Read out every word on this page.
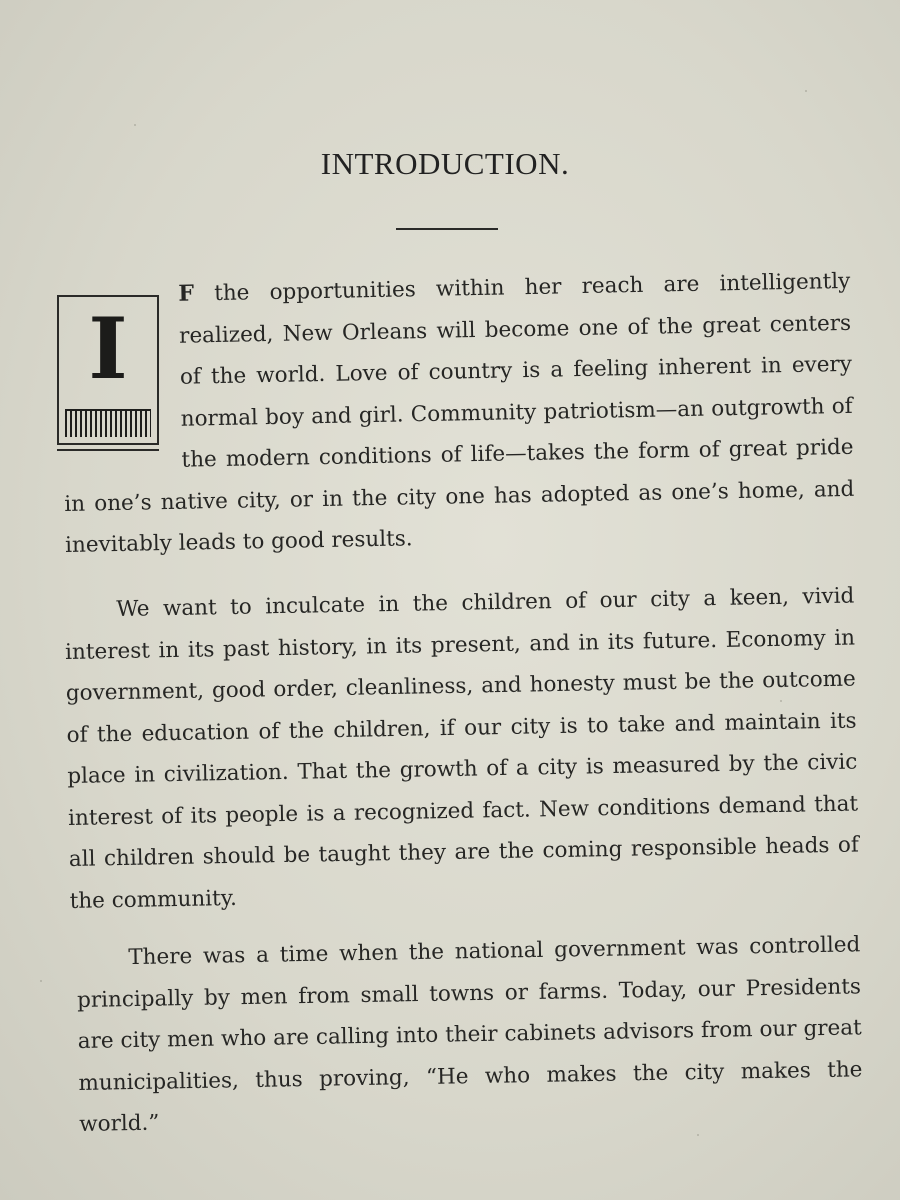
INTRODUCTION.
I

F the opportunities within her reach are intelligently realized, New Orleans will become one of the great centers of the world. Love of country is a feeling inherent in every normal boy and girl. Community patriotism—an outgrowth of the modern conditions of life—takes the form of great pride in one’s native city, or in the city one has adopted as one’s home, and inevitably leads to good results.

We want to inculcate in the children of our city a keen, vivid interest in its past history, in its present, and in its future. Economy in government, good order, cleanliness, and honesty must be the outcome of the education of the children, if our city is to take and maintain its place in civilization. That the growth of a city is measured by the civic interest of its people is a recognized fact. New conditions demand that all children should be taught they are the coming responsible heads of the community.

There was a time when the national government was controlled principally by men from small towns or farms. Today, our Presidents are city men who are calling into their cabinets advisors from our great municipalities, thus proving, “He who makes the city makes the world.”
